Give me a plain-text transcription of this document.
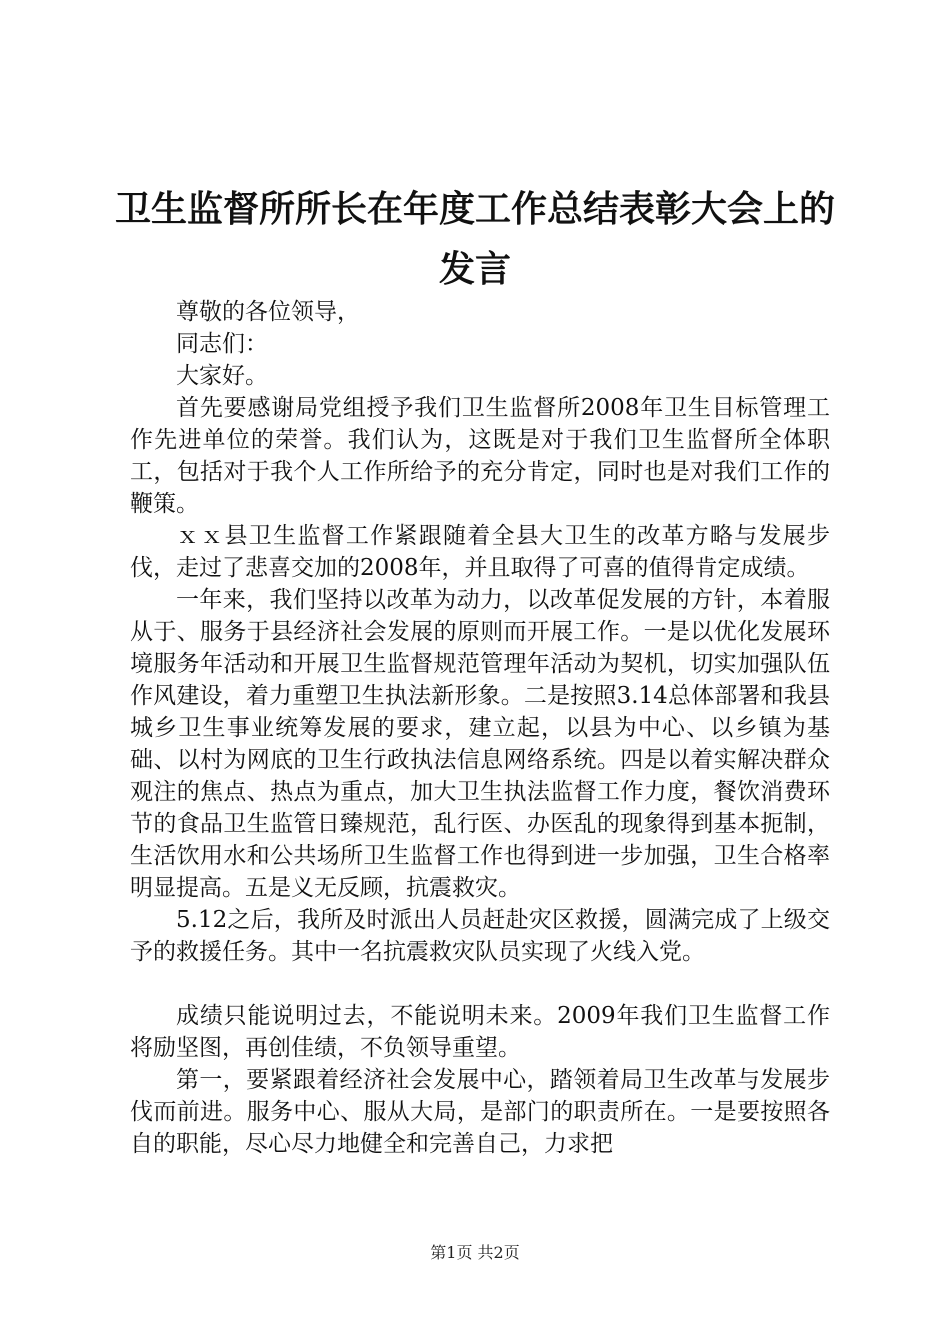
卫生监督所所长在年度工作总结表彰大会上的
发言

尊敬的各位领导，

同志们：

大家好。

首先要感谢局党组授予我们卫生监督所2008年卫生目标管理工作先进单位的荣誉。我们认为，这既是对于我们卫生监督所全体职工，包括对于我个人工作所给予的充分肯定，同时也是对我们工作的鞭策。

ｘｘ县卫生监督工作紧跟随着全县大卫生的改革方略与发展步伐，走过了悲喜交加的2008年，并且取得了可喜的值得肯定成绩。

一年来，我们坚持以改革为动力，以改革促发展的方针，本着服从于、服务于县经济社会发展的原则而开展工作。一是以优化发展环境服务年活动和开展卫生监督规范管理年活动为契机，切实加强队伍作风建设，着力重塑卫生执法新形象。二是按照3.14总体部署和我县城乡卫生事业统筹发展的要求，建立起，以县为中心、以乡镇为基础、以村为网底的卫生行政执法信息网络系统。四是以着实解决群众观注的焦点、热点为重点，加大卫生执法监督工作力度，餐饮消费环节的食品卫生监管日臻规范，乱行医、办医乱的现象得到基本扼制，生活饮用水和公共场所卫生监督工作也得到进一步加强，卫生合格率明显提高。五是义无反顾，抗震救灾。

5.12之后，我所及时派出人员赶赴灾区救援，圆满完成了上级交予的救援任务。其中一名抗震救灾队员实现了火线入党。

成绩只能说明过去，不能说明未来。2009年我们卫生监督工作将励坚图，再创佳绩，不负领导重望。

第一，要紧跟着经济社会发展中心，踏领着局卫生改革与发展步伐而前进。服务中心、服从大局，是部门的职责所在。一是要按照各自的职能，尽心尽力地健全和完善自己，力求把

第1页 共2页
